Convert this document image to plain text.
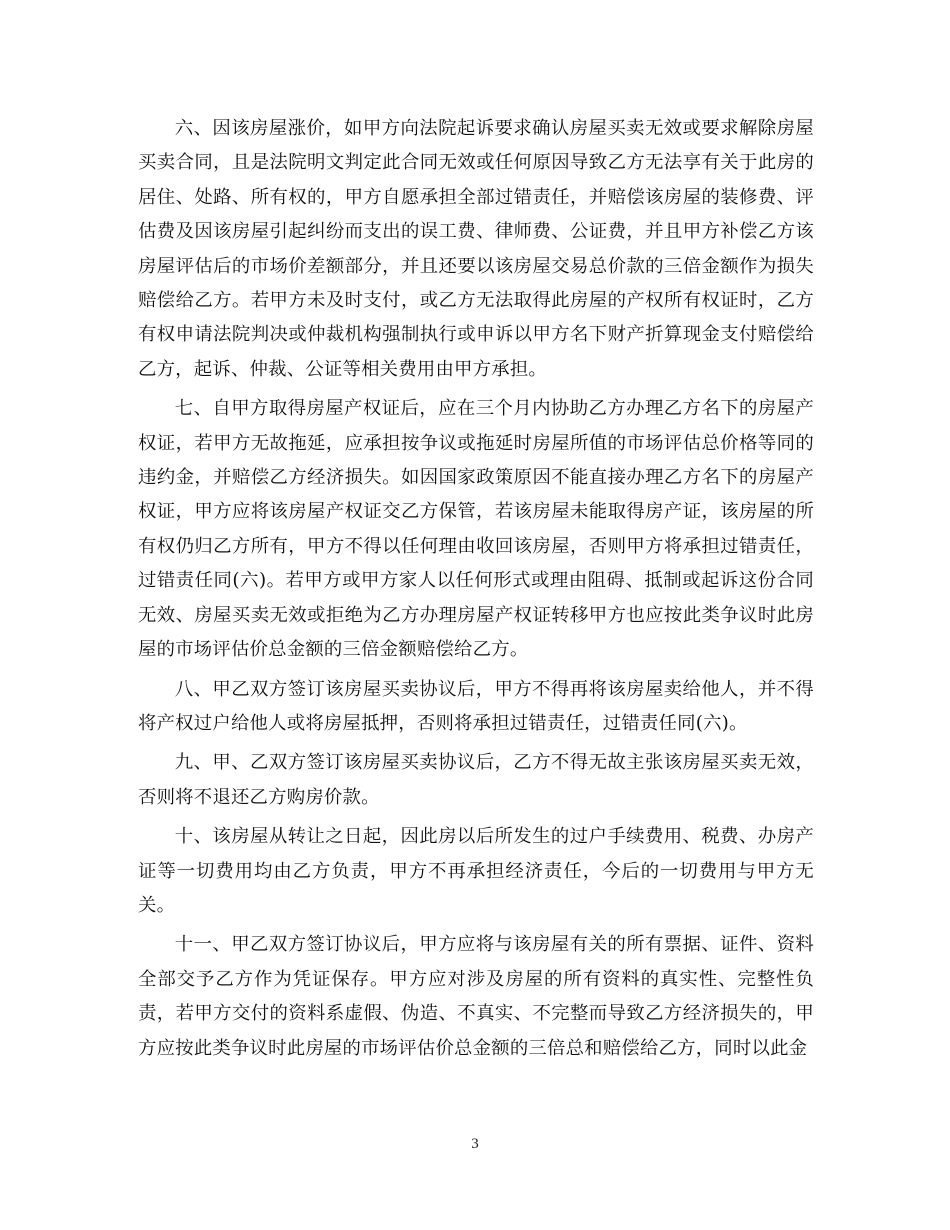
六、因该房屋涨价，如甲方向法院起诉要求确认房屋买卖无效或要求解除房屋买卖合同，且是法院明文判定此合同无效或任何原因导致乙方无法享有关于此房的居住、处路、所有权的，甲方自愿承担全部过错责任，并赔偿该房屋的装修费、评估费及因该房屋引起纠纷而支出的误工费、律师费、公证费，并且甲方补偿乙方该房屋评估后的市场价差额部分，并且还要以该房屋交易总价款的三倍金额作为损失赔偿给乙方。若甲方未及时支付，或乙方无法取得此房屋的产权所有权证时，乙方有权申请法院判决或仲裁机构强制执行或申诉以甲方名下财产折算现金支付赔偿给乙方，起诉、仲裁、公证等相关费用由甲方承担。

七、自甲方取得房屋产权证后，应在三个月内协助乙方办理乙方名下的房屋产权证，若甲方无故拖延，应承担按争议或拖延时房屋所值的市场评估总价格等同的违约金，并赔偿乙方经济损失。如因国家政策原因不能直接办理乙方名下的房屋产权证，甲方应将该房屋产权证交乙方保管，若该房屋未能取得房产证，该房屋的所有权仍归乙方所有，甲方不得以任何理由收回该房屋，否则甲方将承担过错责任，过错责任同(六)。若甲方或甲方家人以任何形式或理由阻碍、抵制或起诉这份合同无效、房屋买卖无效或拒绝为乙方办理房屋产权证转移甲方也应按此类争议时此房屋的市场评估价总金额的三倍金额赔偿给乙方。

八、甲乙双方签订该房屋买卖协议后，甲方不得再将该房屋卖给他人，并不得将产权过户给他人或将房屋抵押，否则将承担过错责任，过错责任同(六)。

九、甲、乙双方签订该房屋买卖协议后，乙方不得无故主张该房屋买卖无效，否则将不退还乙方购房价款。

十、该房屋从转让之日起，因此房以后所发生的过户手续费用、税费、办房产证等一切费用均由乙方负责，甲方不再承担经济责任，今后的一切费用与甲方无关。

十一、甲乙双方签订协议后，甲方应将与该房屋有关的所有票据、证件、资料全部交予乙方作为凭证保存。甲方应对涉及房屋的所有资料的真实性、完整性负责，若甲方交付的资料系虚假、伪造、不真实、不完整而导致乙方经济损失的，甲方应按此类争议时此房屋的市场评估价总金额的三倍总和赔偿给乙方，同时以此金

3
